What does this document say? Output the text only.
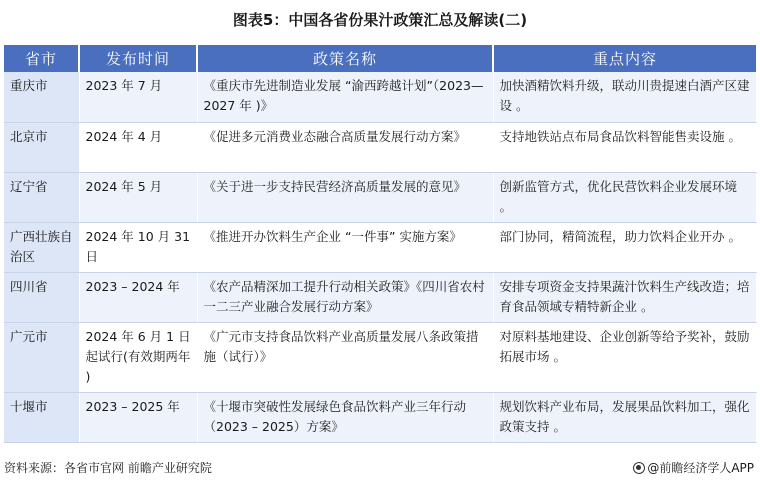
图表5：中国各省份果汁政策汇总及解读(二)
省市	发布时间	政策名称	重点内容
重庆市	2023 年 7 月	《重庆市先进制造业发展 “渝西跨越计划”（2023—2027 年 )》	加快酒精饮料升级，联动川贵提速白酒产区建设 。
北京市	2024 年 4 月	《促进多元消费业态融合高质量发展行动方案》	支持地铁站点布局食品饮料智能售卖设施 。
辽宁省	2024 年 5 月	《关于进一步支持民营经济高质量发展的意见》	创新监管方式，优化民营饮料企业发展环境 。
广西壮族自治区	2024 年 10 月 31 日	《推进开办饮料生产企业 “一件事” 实施方案》	部门协同，精简流程，助力饮料企业开办 。
四川省	2023 – 2024 年	《农产品精深加工提升行动相关政策》《四川省农村一二三产业融合发展行动方案》	安排专项资金支持果蔬汁饮料生产线改造；培育食品领域专精特新企业 。
广元市	2024 年 6 月 1 日起试行(有效期两年 )	《广元市支持食品饮料产业高质量发展八条政策措施（试行）》	对原料基地建设、企业创新等给予奖补，鼓励拓展市场 。
十堰市	2023 – 2025 年	《十堰市突破性发展绿色食品饮料产业三年行动（2023 – 2025）方案》	规划饮料产业布局，发展果品饮料加工，强化政策支持 。
资料来源：各省市官网 前瞻产业研究院	@前瞻经济学人APP
